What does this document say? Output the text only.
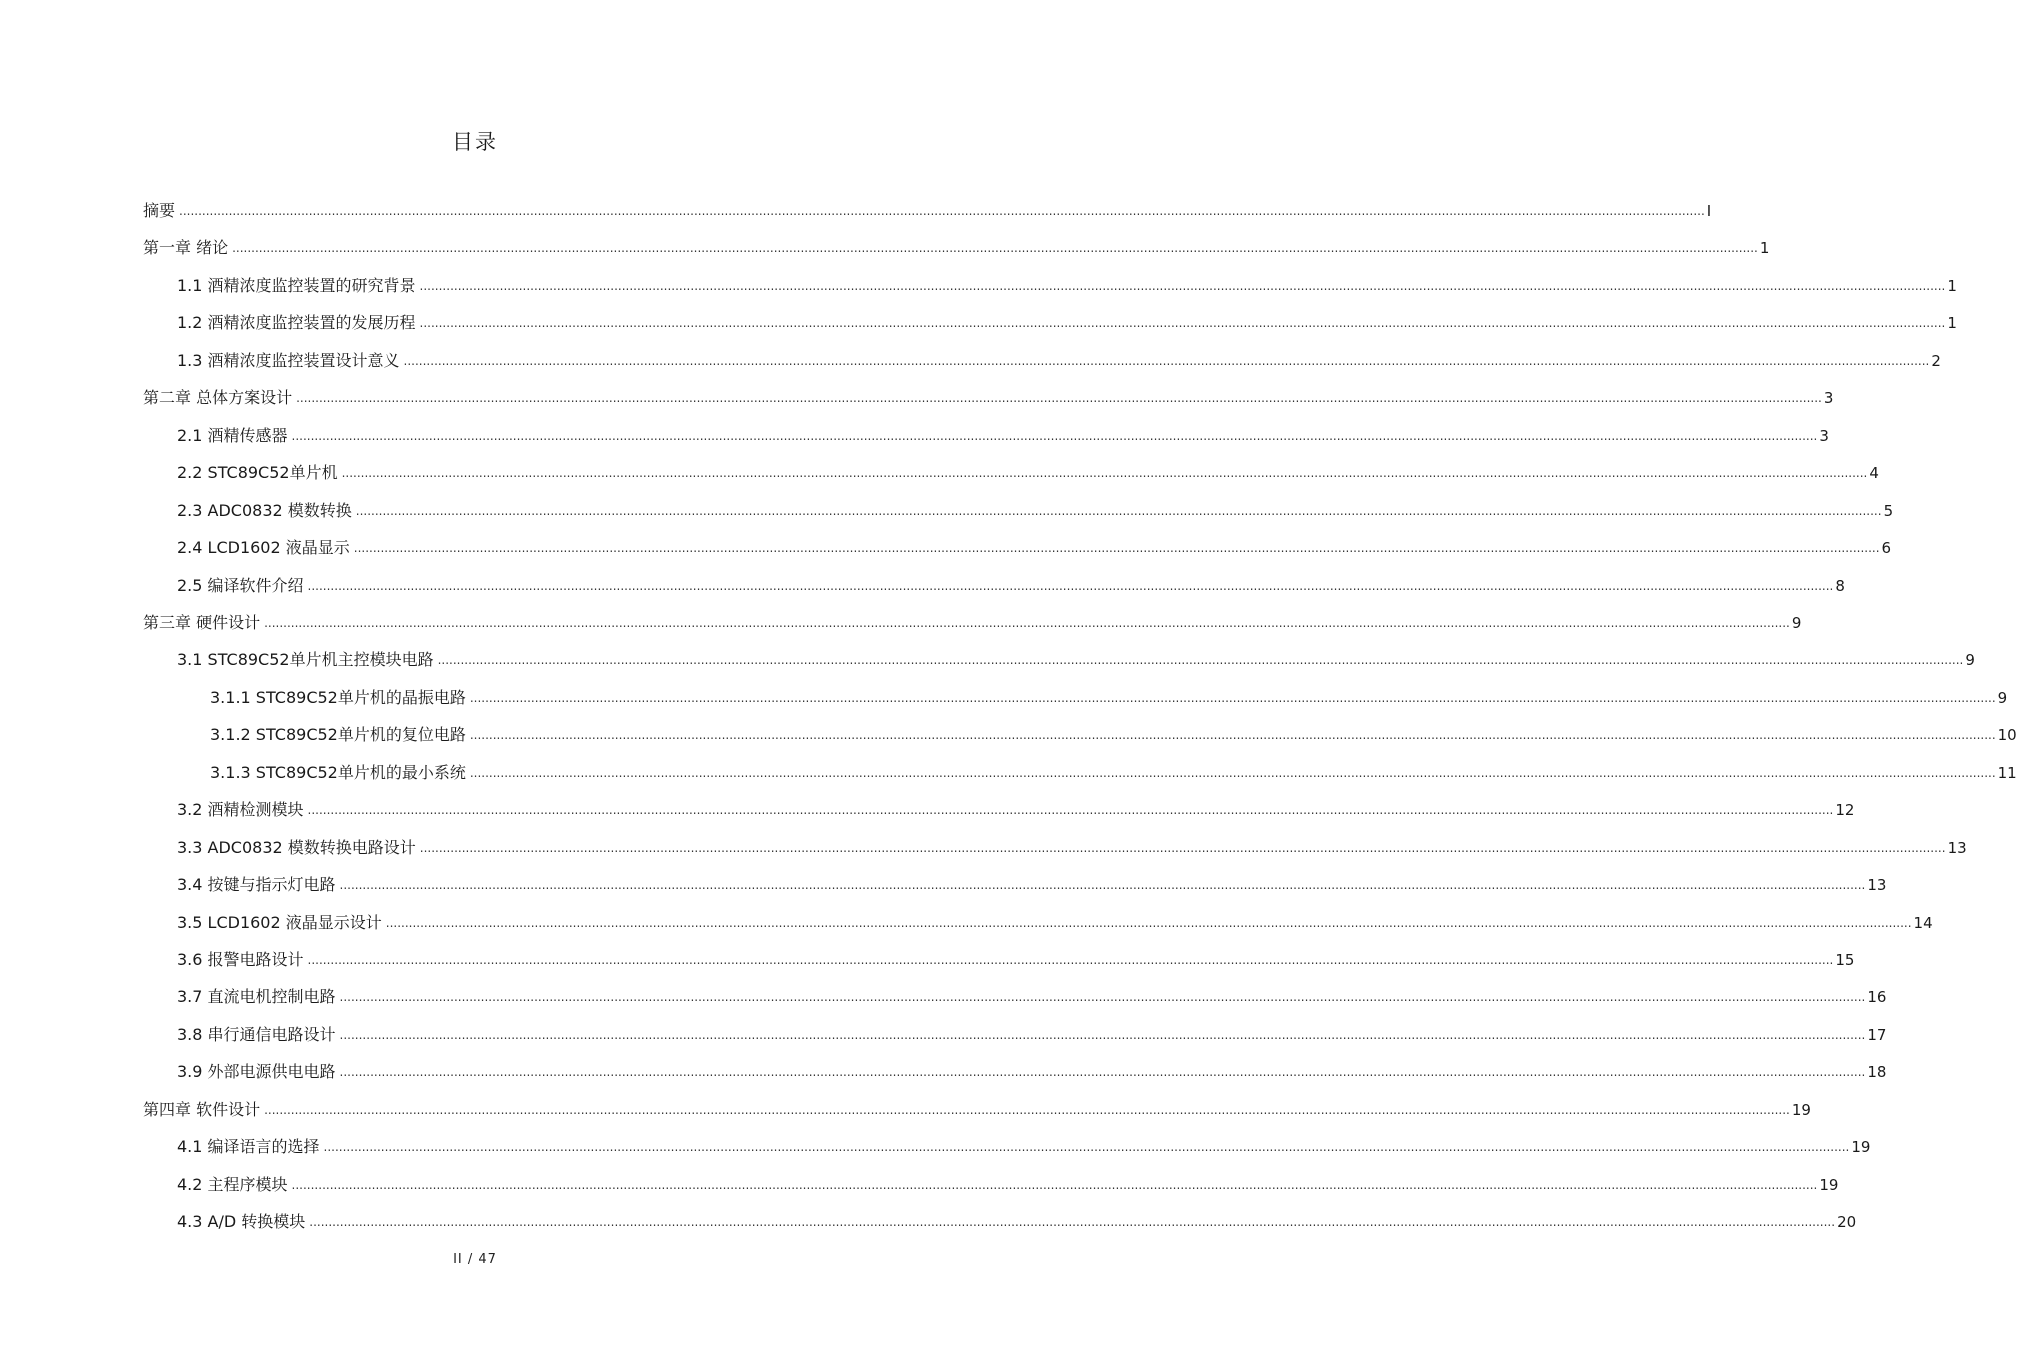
目录
摘要 ................................................................................................................................................................................................................................................................................................................................................................................................................ I
第一章 绪论 ................................................................................................................................................................................................................................................................................................................................................................................................................ 1
1.1 酒精浓度监控装置的研究背景 ................................................................................................................................................................................................................................................................................................................................................................................................................ 1
1.2 酒精浓度监控装置的发展历程 ................................................................................................................................................................................................................................................................................................................................................................................................................ 1
1.3 酒精浓度监控装置设计意义 ................................................................................................................................................................................................................................................................................................................................................................................................................ 2
第二章 总体方案设计 ................................................................................................................................................................................................................................................................................................................................................................................................................ 3
2.1 酒精传感器 ................................................................................................................................................................................................................................................................................................................................................................................................................ 3
2.2 STC89C52单片机 ................................................................................................................................................................................................................................................................................................................................................................................................................ 4
2.3 ADC0832 模数转换 ................................................................................................................................................................................................................................................................................................................................................................................................................ 5
2.4 LCD1602 液晶显示 ................................................................................................................................................................................................................................................................................................................................................................................................................ 6
2.5 编译软件介绍 ................................................................................................................................................................................................................................................................................................................................................................................................................ 8
第三章 硬件设计 ................................................................................................................................................................................................................................................................................................................................................................................................................ 9
3.1 STC89C52单片机主控模块电路 ................................................................................................................................................................................................................................................................................................................................................................................................................ 9
3.1.1 STC89C52单片机的晶振电路 ................................................................................................................................................................................................................................................................................................................................................................................................................ 9
3.1.2 STC89C52单片机的复位电路 ................................................................................................................................................................................................................................................................................................................................................................................................................ 10
3.1.3 STC89C52单片机的最小系统 ................................................................................................................................................................................................................................................................................................................................................................................................................ 11
3.2 酒精检测模块 ................................................................................................................................................................................................................................................................................................................................................................................................................ 12
3.3 ADC0832 模数转换电路设计 ................................................................................................................................................................................................................................................................................................................................................................................................................ 13
3.4 按键与指示灯电路 ................................................................................................................................................................................................................................................................................................................................................................................................................ 13
3.5 LCD1602 液晶显示设计 ................................................................................................................................................................................................................................................................................................................................................................................................................ 14
3.6 报警电路设计 ................................................................................................................................................................................................................................................................................................................................................................................................................ 15
3.7 直流电机控制电路 ................................................................................................................................................................................................................................................................................................................................................................................................................ 16
3.8 串行通信电路设计 ................................................................................................................................................................................................................................................................................................................................................................................................................ 17
3.9 外部电源供电电路 ................................................................................................................................................................................................................................................................................................................................................................................................................ 18
第四章 软件设计 ................................................................................................................................................................................................................................................................................................................................................................................................................ 19
4.1 编译语言的选择 ................................................................................................................................................................................................................................................................................................................................................................................................................ 19
4.2 主程序模块 ................................................................................................................................................................................................................................................................................................................................................................................................................ 19
4.3 A/D 转换模块 ................................................................................................................................................................................................................................................................................................................................................................................................................ 20
II / 47
